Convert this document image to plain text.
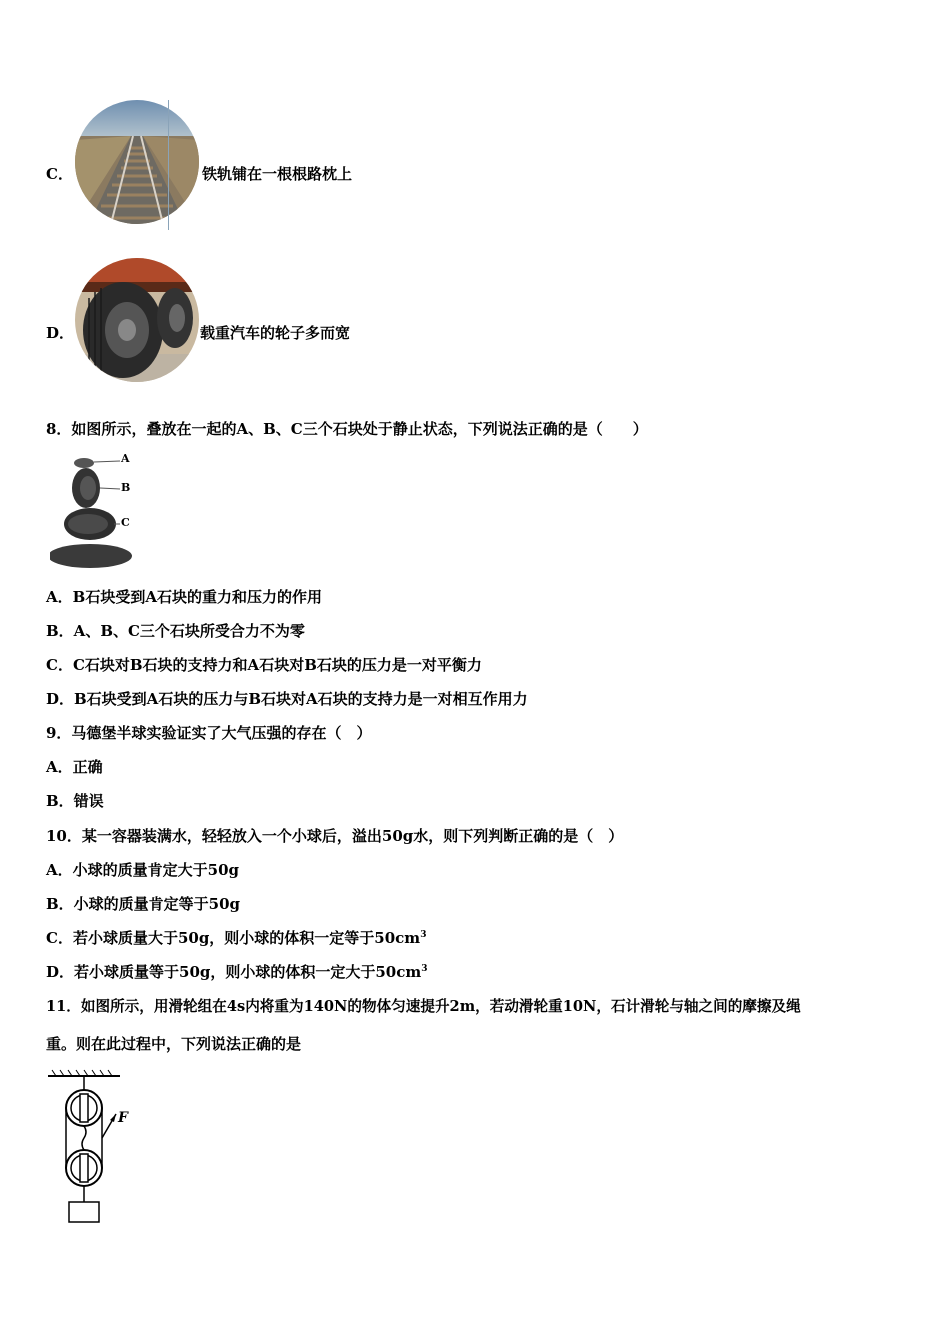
C．	铁轨铺在一根根路枕上
D．	载重汽车的轮子多而宽
8．如图所示，叠放在一起的A、B、C三个石块处于静止状态，下列说法正确的是（　　）
A
B
C
A．B石块受到A石块的重力和压力的作用
B．A、B、C三个石块所受合力不为零
C．C石块对B石块的支持力和A石块对B石块的压力是一对平衡力
D．B石块受到A石块的压力与B石块对A石块的支持力是一对相互作用力
9．马德堡半球实验证实了大气压强的存在（　）
A．正确
B．错误
10．某一容器装满水，轻轻放入一个小球后，溢出50g水，则下列判断正确的是（　）
A．小球的质量肯定大于50g
B．小球的质量肯定等于50g
C．若小球质量大于50g，则小球的体积一定等于$50cm^3$
D．若小球质量等于50g，则小球的体积一定大于$50cm^3$
11．如图所示，用滑轮组在4s内将重为140N的物体匀速提升2m，若动滑轮重10N，石计滑轮与轴之间的摩擦及绳
重。则在此过程中，下列说法正确的是
F
